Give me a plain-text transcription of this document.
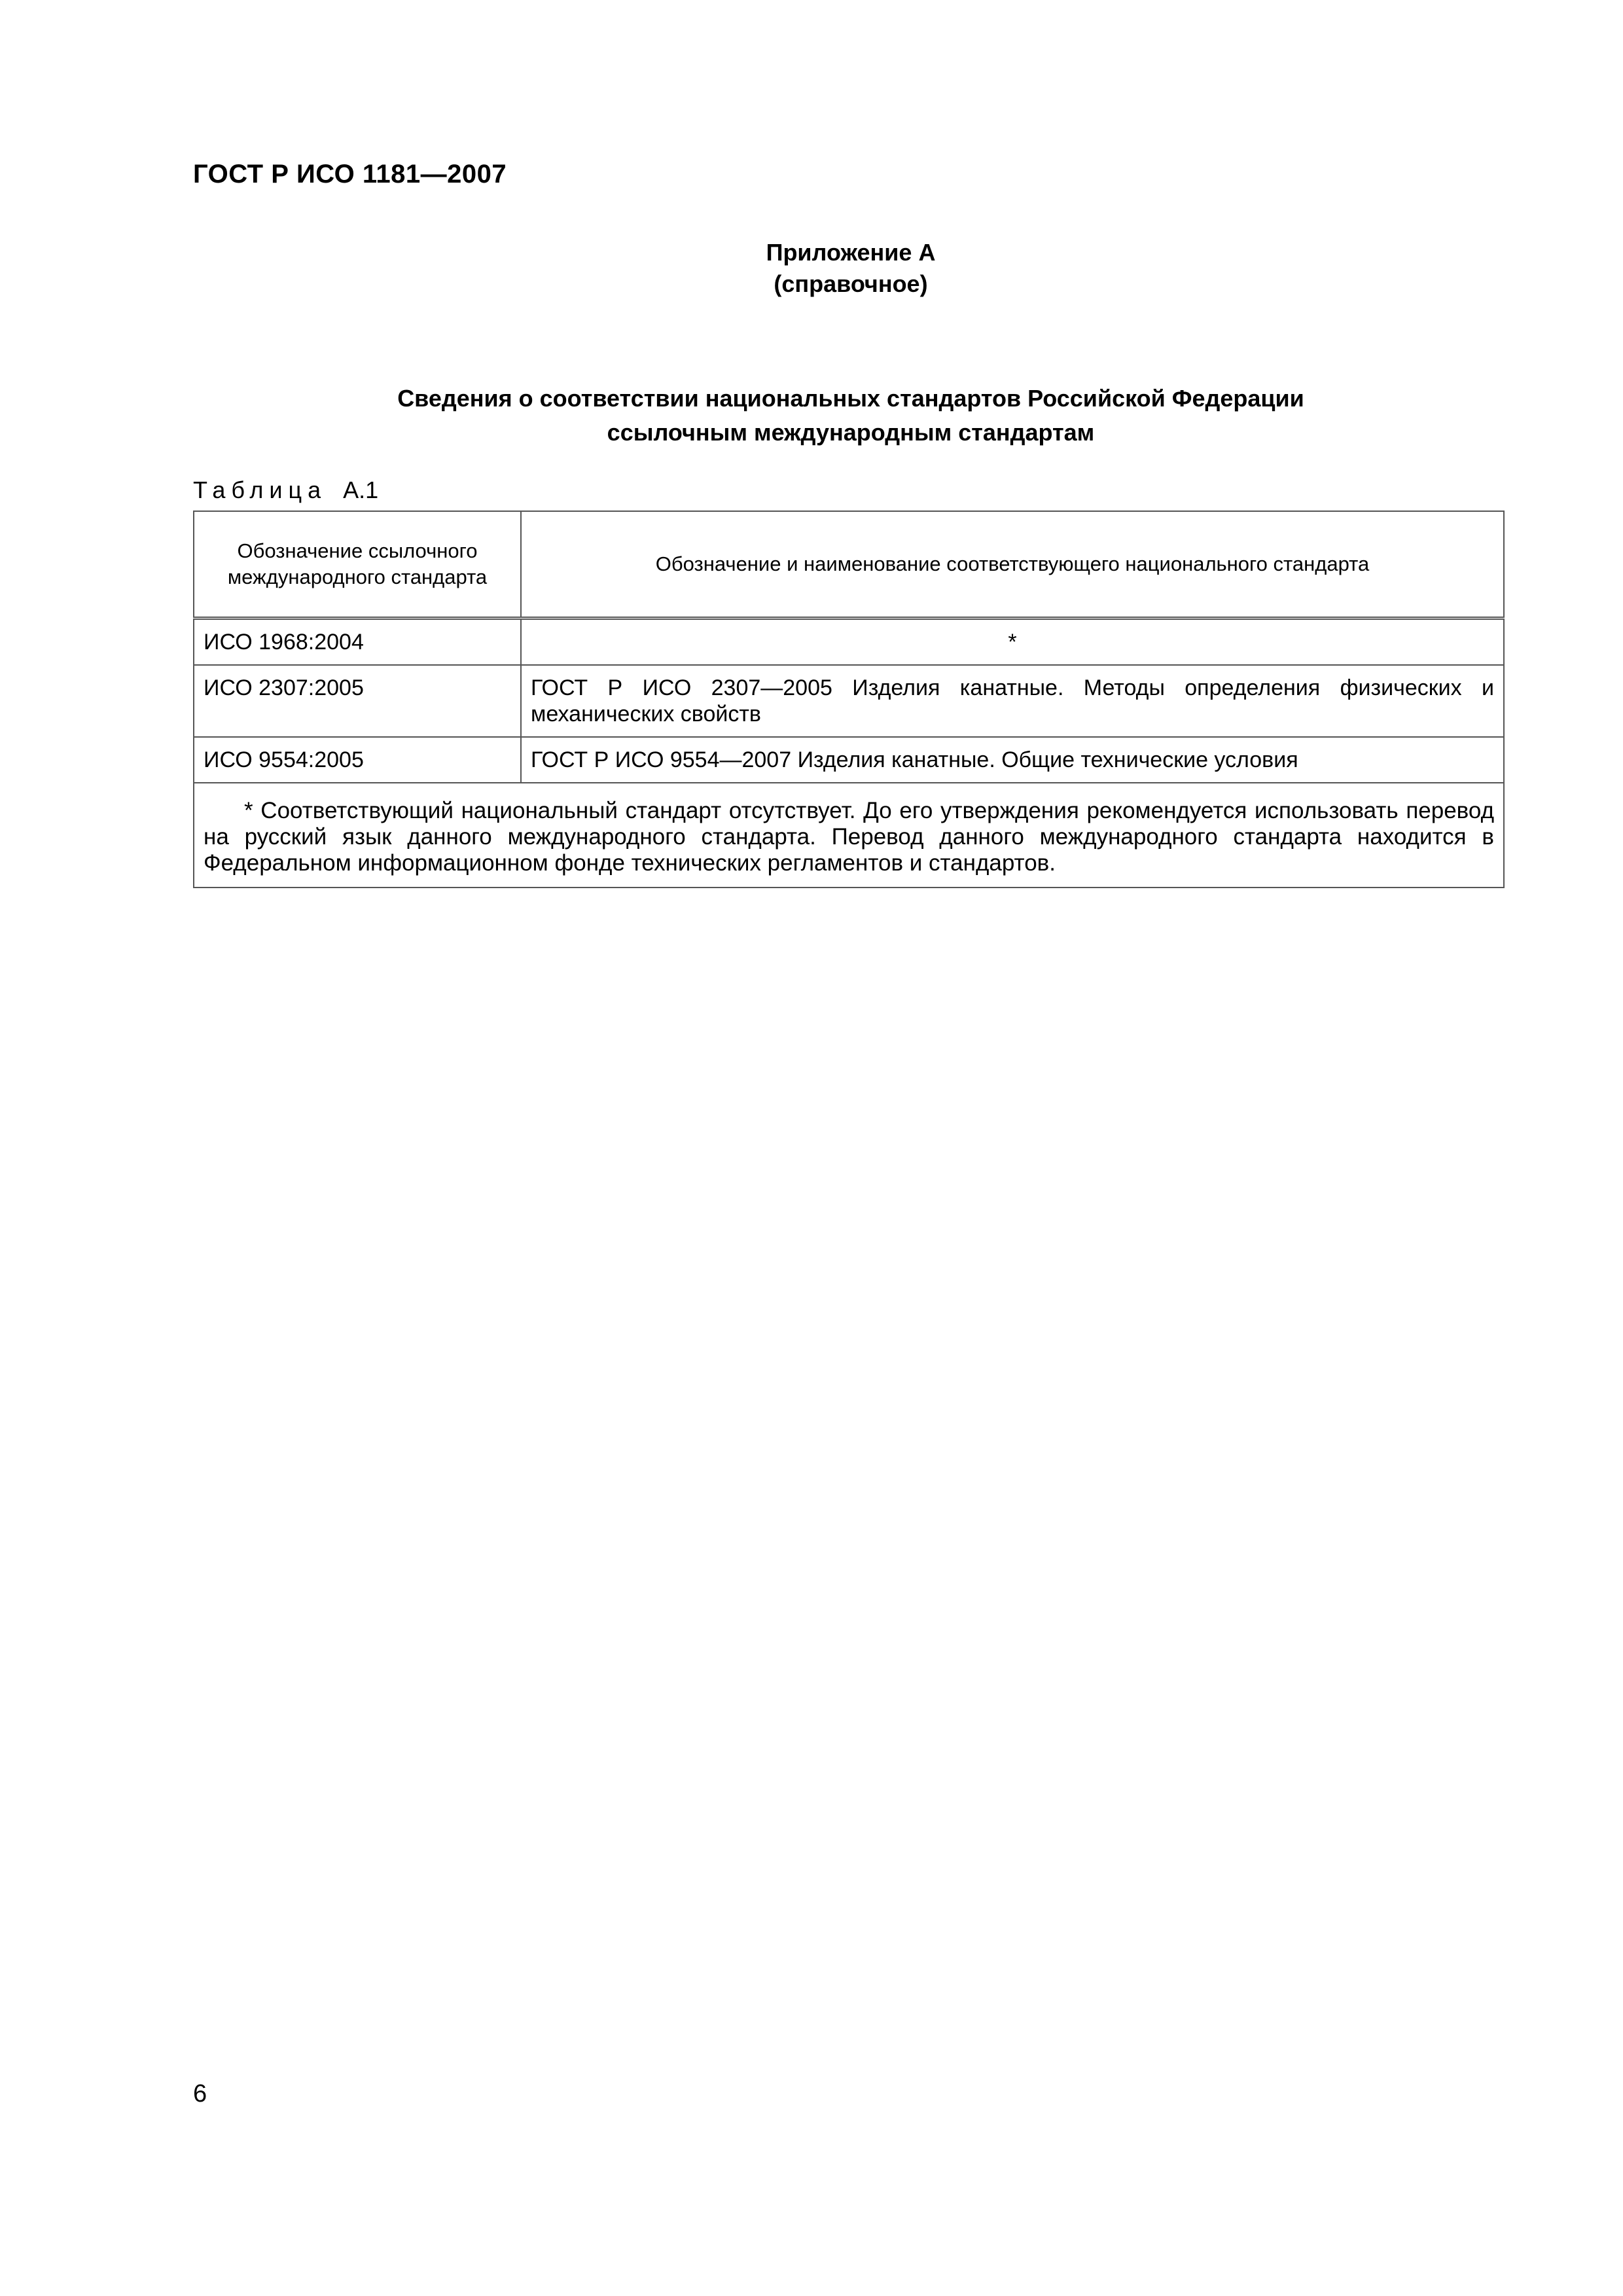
ГОСТ Р ИСО 1181—2007
Приложение А
(справочное)
Сведения о соответствии национальных стандартов Российской Федерации
ссылочным международным стандартам
Таблица А.1
Обозначение ссылочного международного стандарта	Обозначение и наименование соответствующего национального стандарта
ИСО 1968:2004	*
ИСО 2307:2005	ГОСТ Р ИСО 2307—2005 Изделия канатные. Методы определения физических и механических свойств
ИСО 9554:2005	ГОСТ Р ИСО 9554—2007 Изделия канатные. Общие технические условия
* Соответствующий национальный стандарт отсутствует. До его утверждения рекомендуется использовать перевод на русский язык данного международного стандарта. Перевод данного международного стандарта находится в Федеральном информационном фонде технических регламентов и стандартов.	
6
